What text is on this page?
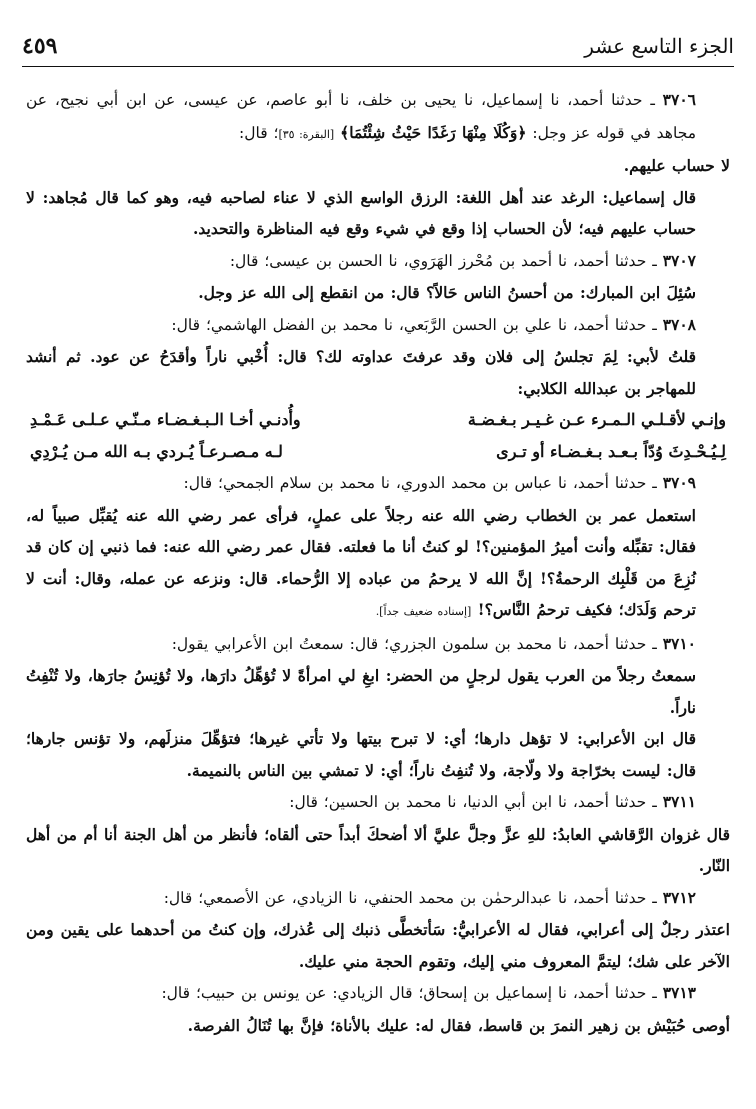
الجزء التاسع عشر
٤٥٩

٣٧٠٦ ـ حدثنا أحمد، نا إسماعيل، نا يحيى بن خلف، نا أبو عاصم، عن عيسى، عن ابن أبي نجيح، عن مجاهد في قوله عز وجل: ﴿وَكُلَا مِنْهَا رَغَدًا حَيْثُ شِئْتُمَا﴾ [البقرة: ٣٥]؛ قال:

لا حساب عليهم.

قال إسماعيل: الرغد عند أهل اللغة: الرزق الواسع الذي لا عناء لصاحبه فيه، وهو كما قال مُجاهد: لا حساب عليهم فيه؛ لأن الحساب إذا وقع في شيء وقع فيه المناظرة والتحديد.

٣٧٠٧ ـ حدثنا أحمد، نا أحمد بن مُحْرز الهَرَوي، نا الحسن بن عيسى؛ قال:

سُئِلَ ابن المبارك: من أحسنُ الناس حَالاً؟ قال: من انقطع إلى الله عز وجل.

٣٧٠٨ ـ حدثنا أحمد، نا علي بن الحسن الرَّبَعي، نا محمد بن الفضل الهاشمي؛ قال:

قلتُ لأبي: لِمَ تجلسُ إلى فلان وقد عرفتَ عداوته لك؟ قال: أُخْبي ناراً وأقدَحُ عن عود. ثم أنشد للمهاجر بن عبدالله الكلابي:

وإنـي لأقـلـي الـمـرء عـن غـيـر بـغـضـة
وأُدنـي أخـا الـبـغـضـاء مـنّـي عـلـى عَـمْـدِ
لِـيُـحْـدِثَ وُدّاً بـعـد بـغـضـاء أو تـرى
لـه مـصـرعـاً يُـردي بـه الله مـن يُـرْدِي

٣٧٠٩ ـ حدثنا أحمد، نا عباس بن محمد الدوري، نا محمد بن سلام الجمحي؛ قال:

استعمل عمر بن الخطاب رضي الله عنه رجلاً على عملٍ، فرأى عمر رضي الله عنه يُقبِّل صبياً له، فقال: تقبِّله وأنت أميرُ المؤمنين؟! لو كنتُ أنا ما فعلته. فقال عمر رضي الله عنه: فما ذنبي إن كان قد نُزِعَ من قَلْبِك الرحمةُ؟! إنَّ الله لا يرحمُ من عباده إلا الرُّحماء. قال: ونزعه عن عمله، وقال: أنت لا ترحم وَلَدَك؛ فكيف ترحمُ النَّاس؟! [إسناده ضعيف جداً].

٣٧١٠ ـ حدثنا أحمد، نا محمد بن سلمون الجزري؛ قال: سمعتُ ابن الأعرابي يقول:

سمعتُ رجلاً من العرب يقول لرجلٍ من الحضر: ابغِ لي امرأةً لا تُؤهِّلُ دارَها، ولا تُؤنِسُ جارَها، ولا تُنْفِتُ ناراً.

قال ابن الأعرابي: لا تؤهل دارها؛ أي: لا تبرح بيتها ولا تأتي غيرها؛ فتؤهِّلَ منزلَهم، ولا تؤنس جارها؛ قال: ليست بخرّاجة ولا ولّاجة، ولا تُنفِتُ ناراً؛ أي: لا تمشي بين الناس بالنميمة.

٣٧١١ ـ حدثنا أحمد، نا ابن أبي الدنيا، نا محمد بن الحسين؛ قال:

قال غزوان الرَّقاشي العابدُ: للهِ عزَّ وجلَّ عليَّ ألا أضحكَ أبداً حتى ألقاه؛ فأنظر من أهل الجنة أنا أم من أهل النّار.

٣٧١٢ ـ حدثنا أحمد، نا عبدالرحمٰن بن محمد الحنفي، نا الزيادي، عن الأصمعي؛ قال:

اعتذر رجلٌ إلى أعرابي، فقال له الأعرابيُّ: سَأتخطَّى ذنبك إلى عُذرك، وإن كنتُ من أحدهما على يقين ومن الآخر على شك؛ ليتمَّ المعروف مني إليك، وتقوم الحجة مني عليك.

٣٧١٣ ـ حدثنا أحمد، نا إسماعيل بن إسحاق؛ قال الزيادي: عن يونس بن حبيب؛ قال:

أوصى حُبَيْش بن زهير النمرَ بن قاسط، فقال له: عليك بالأناة؛ فإنَّ بها تُنَالُ الفرصة.
